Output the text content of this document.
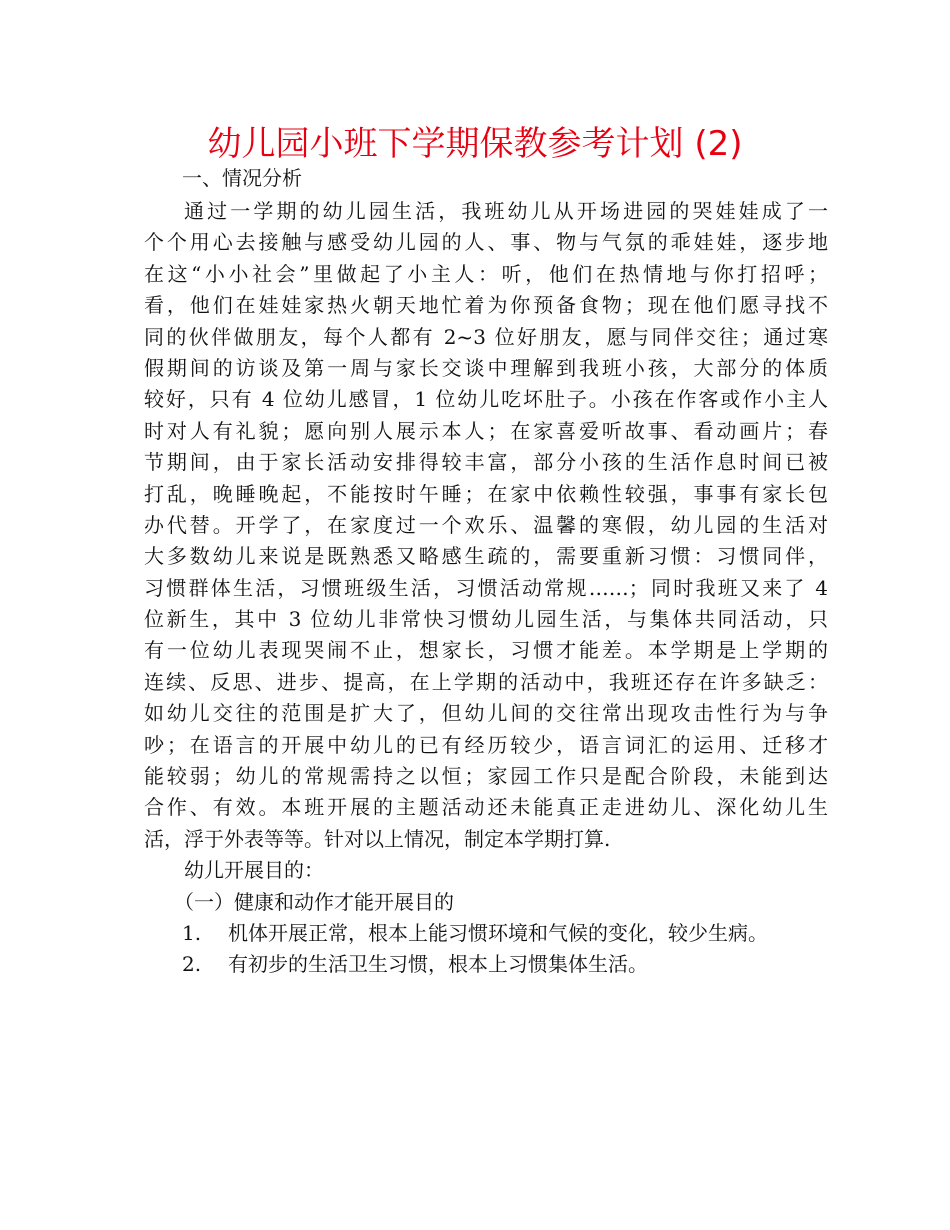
幼儿园小班下学期保教参考计划 (2)
一、情况分析
通过一学期的幼儿园生活，我班幼儿从开场进园的哭娃娃成了一
个个用心去接触与感受幼儿园的人、事、物与气氛的乖娃娃，逐步地
在这“小小社会”里做起了小主人：听，他们在热情地与你打招呼；
看，他们在娃娃家热火朝天地忙着为你预备食物；现在他们愿寻找不
同的伙伴做朋友，每个人都有 2~3 位好朋友，愿与同伴交往；通过寒
假期间的访谈及第一周与家长交谈中理解到我班小孩，大部分的体质
较好，只有 4 位幼儿感冒，1 位幼儿吃坏肚子。小孩在作客或作小主人
时对人有礼貌；愿向别人展示本人；在家喜爱听故事、看动画片；春
节期间，由于家长活动安排得较丰富，部分小孩的生活作息时间已被
打乱，晚睡晚起，不能按时午睡；在家中依赖性较强，事事有家长包
办代替。开学了，在家度过一个欢乐、温馨的寒假，幼儿园的生活对
大多数幼儿来说是既熟悉又略感生疏的，需要重新习惯：习惯同伴，
习惯群体生活，习惯班级生活，习惯活动常规……；同时我班又来了 4
位新生，其中 3 位幼儿非常快习惯幼儿园生活，与集体共同活动，只
有一位幼儿表现哭闹不止，想家长，习惯才能差。本学期是上学期的
连续、反思、进步、提高，在上学期的活动中，我班还存在许多缺乏：
如幼儿交往的范围是扩大了，但幼儿间的交往常出现攻击性行为与争
吵；在语言的开展中幼儿的已有经历较少，语言词汇的运用、迁移才
能较弱；幼儿的常规需持之以恒；家园工作只是配合阶段，未能到达
合作、有效。本班开展的主题活动还未能真正走进幼儿、深化幼儿生
活，浮于外表等等。针对以上情况，制定本学期打算.
幼儿开展目的：
（一）健康和动作才能开展目的
1. 机体开展正常，根本上能习惯环境和气候的变化，较少生病。
2. 有初步的生活卫生习惯，根本上习惯集体生活。
